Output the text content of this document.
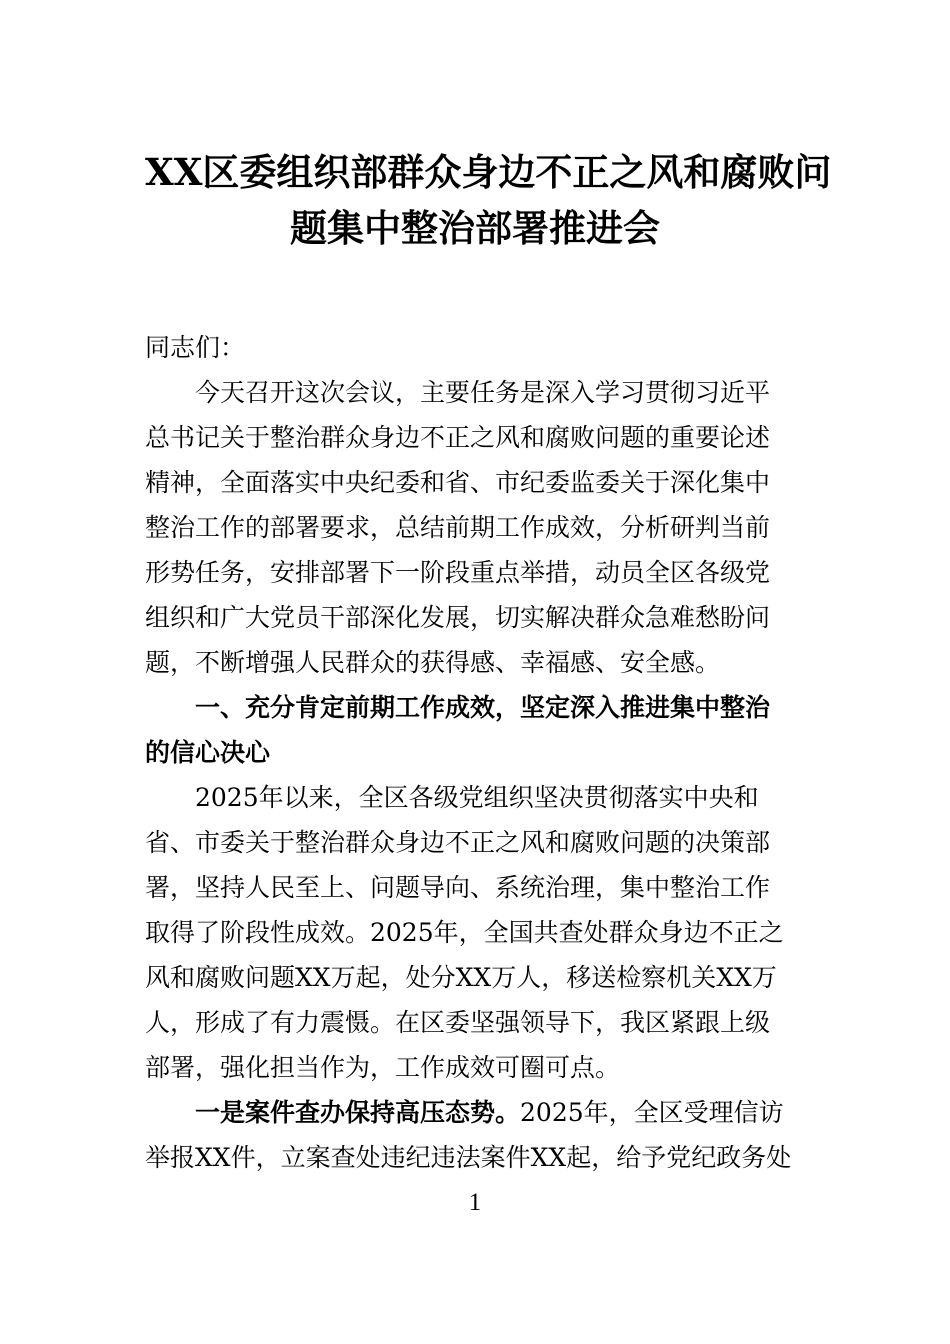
XX区委组织部群众身边不正之风和腐败问
题集中整治部署推进会
同志们：
今天召开这次会议，主要任务是深入学习贯彻习近平
总书记关于整治群众身边不正之风和腐败问题的重要论述
精神，全面落实中央纪委和省、市纪委监委关于深化集中
整治工作的部署要求，总结前期工作成效，分析研判当前
形势任务，安排部署下一阶段重点举措，动员全区各级党
组织和广大党员干部深化发展，切实解决群众急难愁盼问
题，不断增强人民群众的获得感、幸福感、安全感。
一、充分肯定前期工作成效，坚定深入推进集中整治
的信心决心
2025年以来，全区各级党组织坚决贯彻落实中央和
省、市委关于整治群众身边不正之风和腐败问题的决策部
署，坚持人民至上、问题导向、系统治理，集中整治工作
取得了阶段性成效。2025年，全国共查处群众身边不正之
风和腐败问题XX万起，处分XX万人，移送检察机关XX万
人，形成了有力震慑。在区委坚强领导下，我区紧跟上级
部署，强化担当作为，工作成效可圈可点。
一是案件查办保持高压态势。2025年，全区受理信访
举报XX件，立案查处违纪违法案件XX起，给予党纪政务处
1
